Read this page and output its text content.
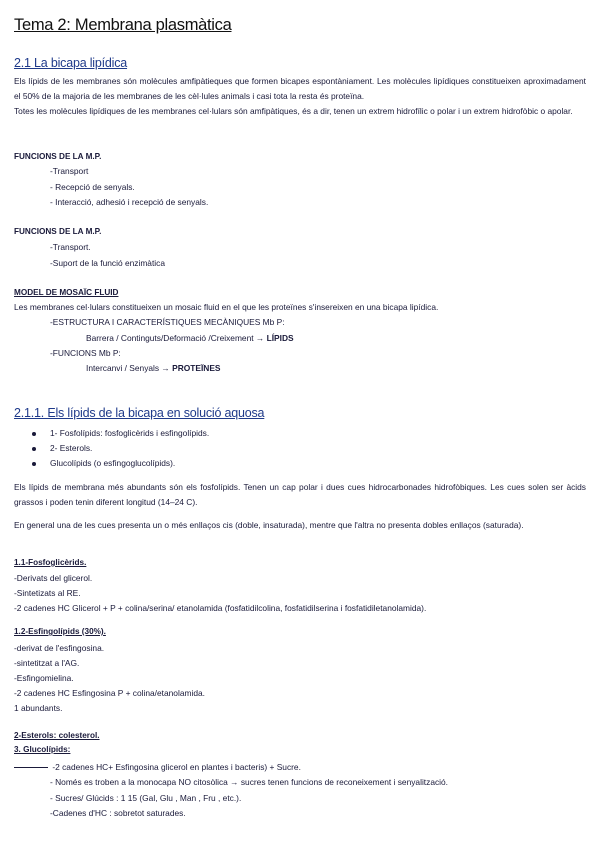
Tema 2: Membrana plasmàtica
2.1 La bicapa lipídica
Els lípids de les membranes són molècules amfipàtieques que formen bicapes espontàniament. Les molècules lipídiques constitueixen aproximadament el 50% de la majoria de les membranes de les cèl·lules animals i casi tota la resta és proteïna.
Totes les molècules lipídiques de les membranes cel·lulars són amfipàtiques, és a dir, tenen un extrem hidrofílic o polar i un extrem hidrofòbic o apolar.
FUNCIONS DE LA M.P.
-Transport
- Recepció de senyals.
- Interacció, adhesió i recepció de senyals.
FUNCIONS DE LA M.P.
-Transport.
-Suport de la funció enzimàtica
MODEL DE MOSAÏC FLUID
Les membranes cel·lulars constitueixen un mosaic fluid en el que les proteïnes s'insereixen en una bicapa lipídica.
-ESTRUCTURA I CARACTERÍSTIQUES MECÀNIQUES Mb P:
Barrera / Continguts/Deformació /Creixement → LÍPIDS
-FUNCIONS Mb P:
Intercanvi / Senyals → PROTEÏNES
2.1.1. Els lípids de la bicapa en solució aquosa
1- Fosfolípids: fosfoglicèrids i esfingolípids.
2- Esterols.
Glucolípids (o esfingoglucolípids).
Els lípids de membrana més abundants són els fosfolípids. Tenen un cap polar i dues cues hidrocarbonades hidrofòbiques. Les cues solen ser àcids grassos i poden tenin diferent longitud (14–24 C).
En general una de les cues presenta un o més enllaços cis (doble, insaturada), mentre que l'altra no presenta dobles enllaços (saturada).
1.1-Fosfoglicèrids.
-Derivats del glicerol.
-Sintetizats al RE.
-2 cadenes HC Glicerol + P + colina/serina/ etanolamida (fosfatidilcolina, fosfatidilserina i fosfatidiletanolamida).
1.2-Esfingolípids (30%).
-derivat de l'esfingosina.
-sintetitzat a l'AG.
-Esfingomielina.
-2 cadenes HC Esfingosina P + colina/etanolamida.
1 abundants.
2-Esterols: colesterol.
3. Glucolípids:
-2 cadenes HC+ Esfingosina glicerol en plantes i bacteris) + Sucre.
- Només es troben a la monocapa NO citosòlica → sucres tenen funcions de reconeixement i senyalització.
- Sucres/ Glúcids : 1 15 (Gal, Glu , Man , Fru , etc.).
-Cadenes d'HC : sobretot saturades.
